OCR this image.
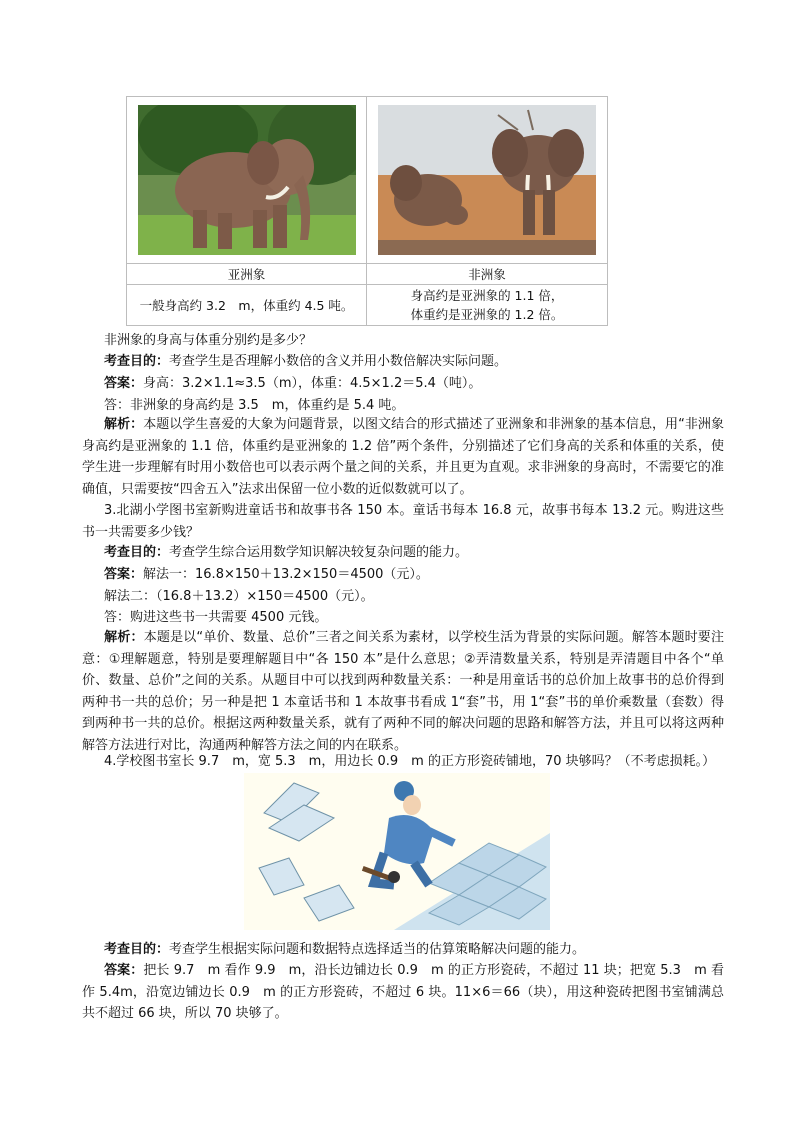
亚洲象	非洲象
一般身高约 3.2　m，体重约 4.5 吨。	身高约是亚洲象的 1.1 倍，
体重约是亚洲象的 1.2 倍。
非洲象的身高与体重分别约是多少？
考查目的：考查学生是否理解小数倍的含义并用小数倍解决实际问题。
答案：身高：3.2×1.1≈3.5（m），体重：4.5×1.2＝5.4（吨）。
答：非洲象的身高约是 3.5　m，体重约是 5.4 吨。
解析：本题以学生喜爱的大象为问题背景，以图文结合的形式描述了亚洲象和非洲象的基本信息，用“非洲象身高约是亚洲象的 1.1 倍，体重约是亚洲象的 1.2 倍”两个条件，分别描述了它们身高的关系和体重的关系，使学生进一步理解有时用小数倍也可以表示两个量之间的关系，并且更为直观。求非洲象的身高时，不需要它的准确值，只需要按“四舍五入”法求出保留一位小数的近似数就可以了。
3.北湖小学图书室新购进童话书和故事书各 150 本。童话书每本 16.8 元，故事书每本 13.2 元。购进这些书一共需要多少钱？
考查目的：考查学生综合运用数学知识解决较复杂问题的能力。
答案：解法一：16.8×150＋13.2×150＝4500（元）。
解法二：（16.8＋13.2）×150＝4500（元）。
答：购进这些书一共需要 4500 元钱。
解析：本题是以“单价、数量、总价”三者之间关系为素材，以学校生活为背景的实际问题。解答本题时要注意：①理解题意，特别是要理解题目中“各 150 本”是什么意思；②弄清数量关系，特别是弄清题目中各个“单价、数量、总价”之间的关系。从题目中可以找到两种数量关系：一种是用童话书的总价加上故事书的总价得到两种书一共的总价；另一种是把 1 本童话书和 1 本故事书看成 1“套”书，用 1“套”书的单价乘数量（套数）得到两种书一共的总价。根据这两种数量关系，就有了两种不同的解决问题的思路和解答方法，并且可以将这两种解答方法进行对比，沟通两种解答方法之间的内在联系。
4.学校图书室长 9.7　m，宽 5.3　m，用边长 0.9　m 的正方形瓷砖铺地，70 块够吗？（不考虑损耗。）
考查目的：考查学生根据实际问题和数据特点选择适当的估算策略解决问题的能力。
答案：把长 9.7　m 看作 9.9　m，沿长边铺边长 0.9　m 的正方形瓷砖，不超过 11 块；把宽 5.3　m 看作 5.4m，沿宽边铺边长 0.9　m 的正方形瓷砖，不超过 6 块。11×6＝66（块），用这种瓷砖把图书室铺满总共不超过 66 块，所以 70 块够了。
